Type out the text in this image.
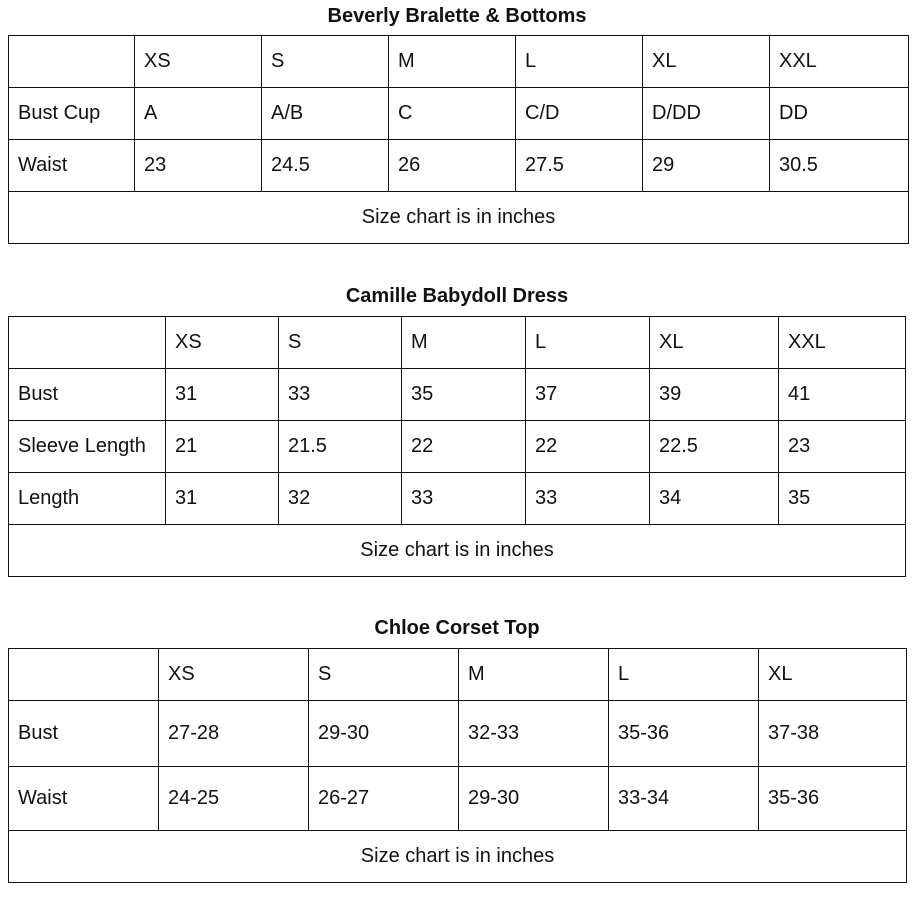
Beverly Bralette & Bottoms
	XS	S	M	L	XL	XXL
Bust Cup	A	A/B	C	C/D	D/DD	DD
Waist	23	24.5	26	27.5	29	30.5
Size chart is in inches						
Camille Babydoll Dress
	XS	S	M	L	XL	XXL
Bust	31	33	35	37	39	41
Sleeve Length	21	21.5	22	22	22.5	23
Length	31	32	33	33	34	35
Size chart is in inches						
Chloe Corset Top
	XS	S	M	L	XL
Bust	27-28	29-30	32-33	35-36	37-38
Waist	24-25	26-27	29-30	33-34	35-36
Size chart is in inches					
